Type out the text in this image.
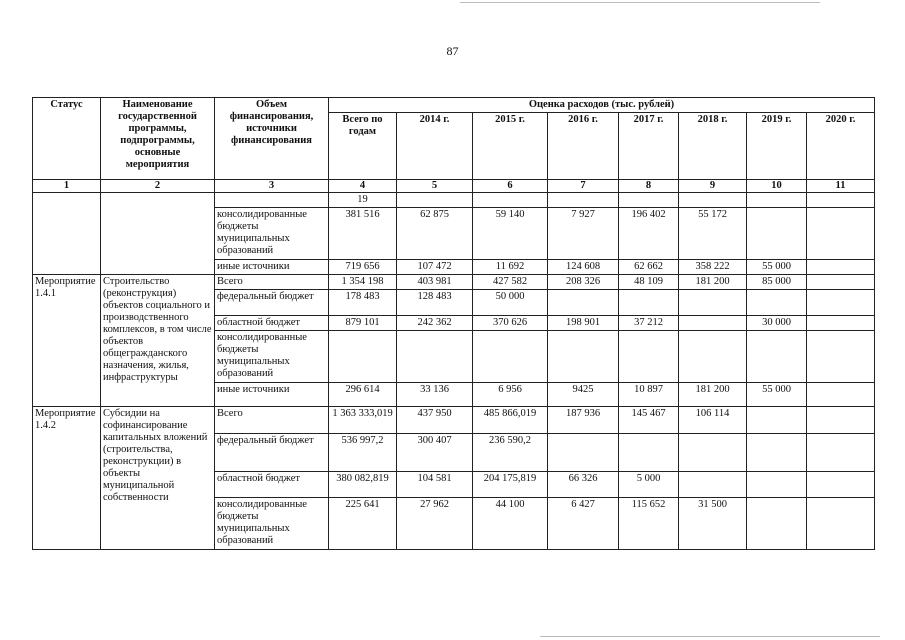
87
Статус	Наименование государственной программы, подпрограммы, основные мероприятия	Объем финансирования, источники финансирования	Оценка расходов (тыс. рублей)							
			Всего по годам	2014 г.	2015 г.	2016 г.	2017 г.	2018 г.	2019 г.	2020 г.
1	2	3	4	5	6	7	8	9	10	11
			19							
		консолидированные бюджеты муниципальных образований	381 516	62 875	59 140	7 927	196 402	55 172		
		иные источники	719 656	107 472	11 692	124 608	62 662	358 222	55 000	
Мероприятие 1.4.1	Строительство (реконструкция) объектов социального и производственного комплексов, в том числе объектов общегражданского назначения, жилья, инфраструктуры	Всего	1 354 198	403 981	427 582	208 326	48 109	181 200	85 000	
		федеральный бюджет	178 483	128 483	50 000					
		областной бюджет	879 101	242 362	370 626	198 901	37 212		30 000	
		консолидированные бюджеты муниципальных образований								
		иные источники	296 614	33 136	6 956	9425	10 897	181 200	55 000	
Мероприятие 1.4.2	Субсидии на софинансирование капитальных вложений (строительства, реконструкции) в объекты муниципальной собственности	Всего	1 363 333,019	437 950	485 866,019	187 936	145 467	106 114		
		федеральный бюджет	536 997,2	300 407	236 590,2					
		областной бюджет	380 082,819	104 581	204 175,819	66 326	5 000			
		консолидированные бюджеты муниципальных образований	225 641	27 962	44 100	6 427	115 652	31 500		
